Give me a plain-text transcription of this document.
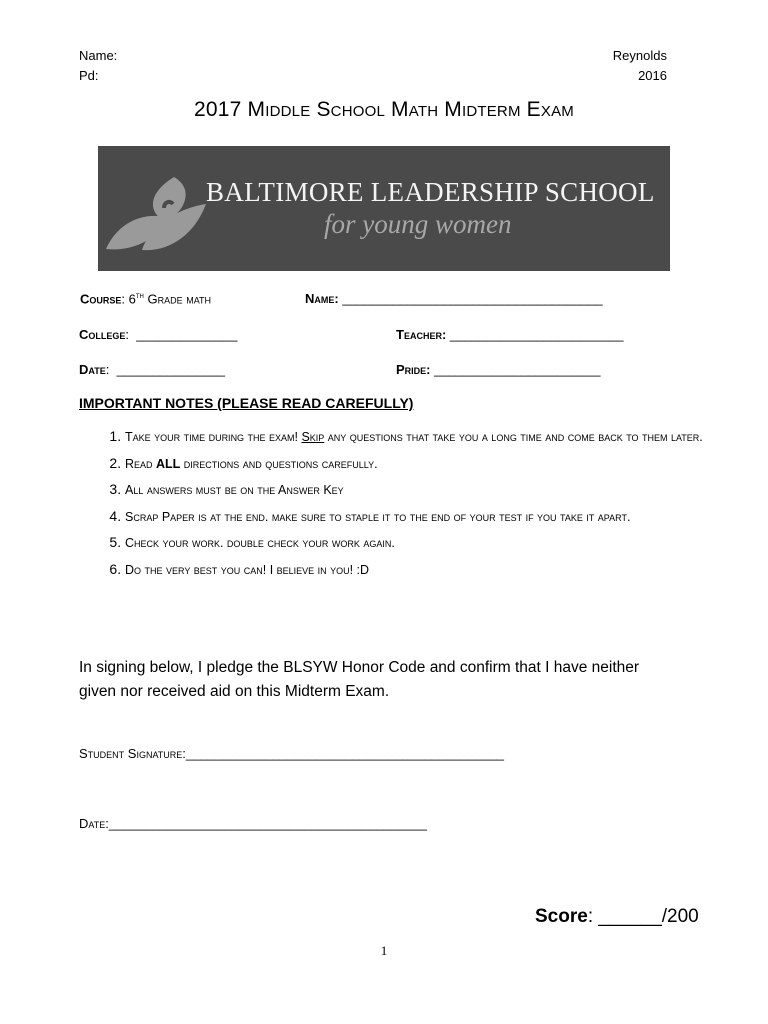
Name:
Pd:
Reynolds
2016
2017 Middle School Math Midterm Exam
BALTIMORE LEADERSHIP SCHOOL
for young women
Course: 6th Grade math	Name: ____________________________________
College:  ______________	Teacher: ________________________
Date:  _______________	Pride: _______________________
IMPORTANT NOTES (PLEASE READ CAREFULLY)
1. Take your time during the exam! Skip any questions that take you a long time and come back to them later.
2. Read ALL directions and questions carefully.
3. All answers must be on the Answer Key
4. Scrap Paper is at the end. make sure to staple it to the end of your test if you take it apart.
5. Check your work. double check your work again.
6. Do the very best you can! I believe in you! :D
In signing below, I pledge the BLSYW Honor Code and confirm that I have neither given nor received aid on this Midterm Exam.
Student Signature:____________________________________________
Date:____________________________________________
Score: ______/200
1
